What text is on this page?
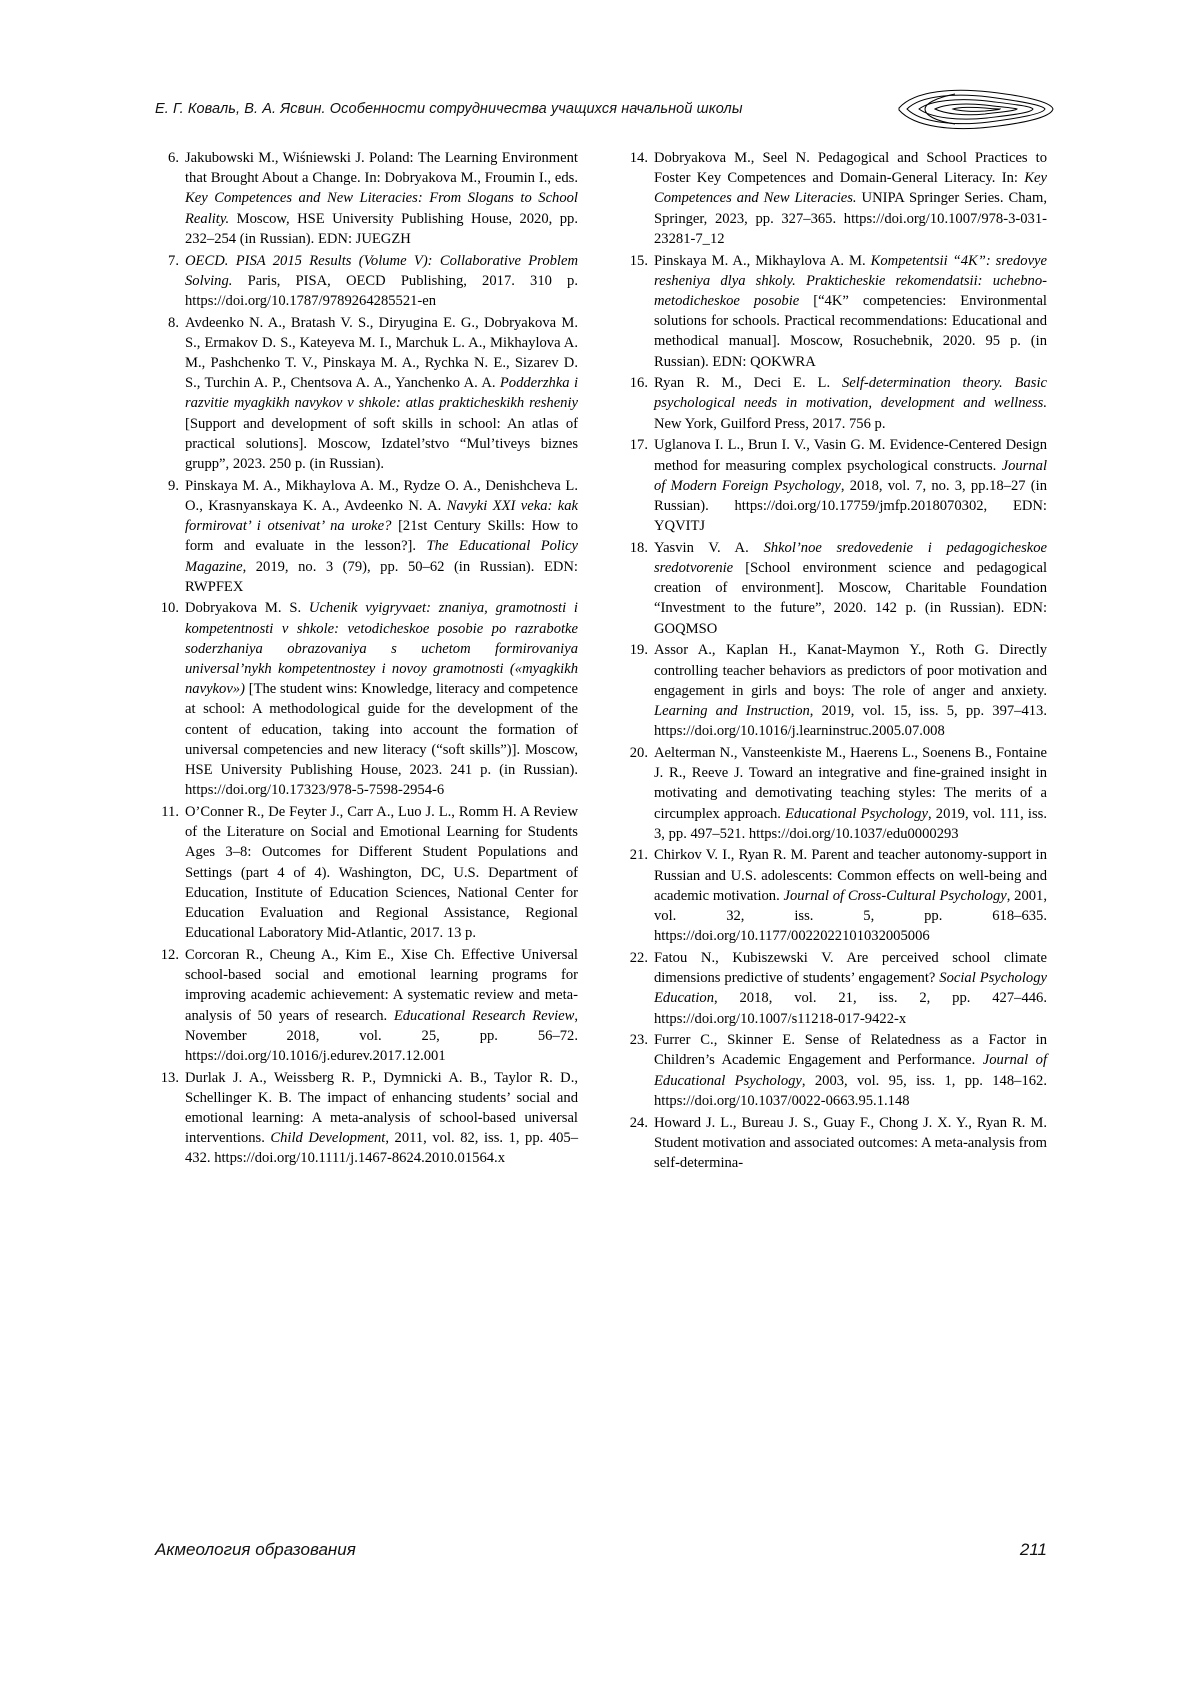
Е. Г. Коваль, В. А. Ясвин. Особенности сотрудничества учащихся начальной школы
6. Jakubowski M., Wiśniewski J. Poland: The Learning Environment that Brought About a Change. In: Dobryakova M., Froumin I., eds. Key Competences and New Literacies: From Slogans to School Reality. Moscow, HSE University Publishing House, 2020, pp. 232–254 (in Russian). EDN: JUEGZH
7. OECD. PISA 2015 Results (Volume V): Collaborative Problem Solving. Paris, PISA, OECD Publishing, 2017. 310 p. https://doi.org/10.1787/9789264285521-en
8. Avdeenko N. A., Bratash V. S., Diryugina E. G., Dobryakova M. S., Ermakov D. S., Kateyeva M. I., Marchuk L. A., Mikhaylova A. M., Pashchenko T. V., Pinskaya M. A., Rychka N. E., Sizarev D. S., Turchin A. P., Chentsova A. A., Yanchenko A. A. Podderzhka i razvitie myagkikh navykov v shkole: atlas prakticheskikh resheniy [Support and development of soft skills in school: An atlas of practical solutions]. Moscow, Izdatel’stvo “Mul’tiveys biznes grupp”, 2023. 250 p. (in Russian).
9. Pinskaya M. A., Mikhaylova A. M., Rydze O. A., Denishcheva L. O., Krasnyanskaya K. A., Avdeenko N. A. Navyki XXI veka: kak formirovat’ i otsenivat’ na uroke? [21st Century Skills: How to form and evaluate in the lesson?]. The Educational Policy Magazine, 2019, no. 3 (79), pp. 50–62 (in Russian). EDN: RWPFEX
10. Dobryakova M. S. Uchenik vyigryvaet: znaniya, gramotnosti i kompetentnosti v shkole: vetodicheskoe posobie po razrabotke soderzhaniya obrazovaniya s uchetom formirovaniya universal’nykh kompetentnostey i novoy gramotnosti («myagkikh navykov») [The student wins: Knowledge, literacy and competence at school: A methodological guide for the development of the content of education, taking into account the formation of universal competencies and new literacy (“soft skills”)]. Moscow, HSE University Publishing House, 2023. 241 p. (in Russian). https://doi.org/10.17323/978-5-7598-2954-6
11. O’Conner R., De Feyter J., Carr A., Luo J. L., Romm H. A Review of the Literature on Social and Emotional Learning for Students Ages 3–8: Outcomes for Different Student Populations and Settings (part 4 of 4). Washington, DC, U.S. Department of Education, Institute of Education Sciences, National Center for Education Evaluation and Regional Assistance, Regional Educational Laboratory Mid-Atlantic, 2017. 13 p.
12. Corcoran R., Cheung A., Kim E., Xise Ch. Effective Universal school-based social and emotional learning programs for improving academic achievement: A systematic review and meta-analysis of 50 years of research. Educational Research Review, November 2018, vol. 25, pp. 56–72. https://doi.org/10.1016/j.edurev.2017.12.001
13. Durlak J. A., Weissberg R. P., Dymnicki A. B., Taylor R. D., Schellinger K. B. The impact of enhancing students’ social and emotional learning: A meta-analysis of school-based universal interventions. Child Development, 2011, vol. 82, iss. 1, pp. 405–432. https://doi.org/10.1111/j.1467-8624.2010.01564.x
14. Dobryakova M., Seel N. Pedagogical and School Practices to Foster Key Competences and Domain-General Literacy. In: Key Competences and New Literacies. UNIPA Springer Series. Cham, Springer, 2023, pp. 327–365. https://doi.org/10.1007/978-3-031-23281-7_12
15. Pinskaya M. A., Mikhaylova A. M. Kompetentsii “4K”: sredovye resheniya dlya shkoly. Prakticheskie rekomendatsii: uchebno-metodicheskoe posobie [“4K” competencies: Environmental solutions for schools. Practical recommendations: Educational and methodical manual]. Moscow, Rosuchebnik, 2020. 95 p. (in Russian). EDN: QOKWRA
16. Ryan R. M., Deci E. L. Self-determination theory. Basic psychological needs in motivation, development and wellness. New York, Guilford Press, 2017. 756 p.
17. Uglanova I. L., Brun I. V., Vasin G. M. Evidence-Centered Design method for measuring complex psychological constructs. Journal of Modern Foreign Psychology, 2018, vol. 7, no. 3, pp.18–27 (in Russian). https://doi.org/10.17759/jmfp.2018070302, EDN: YQVITJ
18. Yasvin V. A. Shkol’noe sredovedenie i pedagogicheskoe sredotvorenie [School environment science and pedagogical creation of environment]. Moscow, Charitable Foundation “Investment to the future”, 2020. 142 p. (in Russian). EDN: GOQMSO
19. Assor A., Kaplan H., Kanat-Maymon Y., Roth G. Directly controlling teacher behaviors as predictors of poor motivation and engagement in girls and boys: The role of anger and anxiety. Learning and Instruction, 2019, vol. 15, iss. 5, pp. 397–413. https://doi.org/10.1016/j.learninstruc.2005.07.008
20. Aelterman N., Vansteenkiste M., Haerens L., Soenens B., Fontaine J. R., Reeve J. Toward an integrative and fine-grained insight in motivating and demotivating teaching styles: The merits of a circumplex approach. Educational Psychology, 2019, vol. 111, iss. 3, pp. 497–521. https://doi.org/10.1037/edu0000293
21. Chirkov V. I., Ryan R. M. Parent and teacher autonomy-support in Russian and U.S. adolescents: Common effects on well-being and academic motivation. Journal of Cross-Cultural Psychology, 2001, vol. 32, iss. 5, pp. 618–635. https://doi.org/10.1177/0022022101032005006
22. Fatou N., Kubiszewski V. Are perceived school climate dimensions predictive of students’ engagement? Social Psychology Education, 2018, vol. 21, iss. 2, pp. 427–446. https://doi.org/10.1007/s11218-017-9422-x
23. Furrer C., Skinner E. Sense of Relatedness as a Factor in Children’s Academic Engagement and Performance. Journal of Educational Psychology, 2003, vol. 95, iss. 1, pp. 148–162. https://doi.org/10.1037/0022-0663.95.1.148
24. Howard J. L., Bureau J. S., Guay F., Chong J. X. Y., Ryan R. M. Student motivation and associated outcomes: A meta-analysis from self-determina-
Акмеология образования	211
